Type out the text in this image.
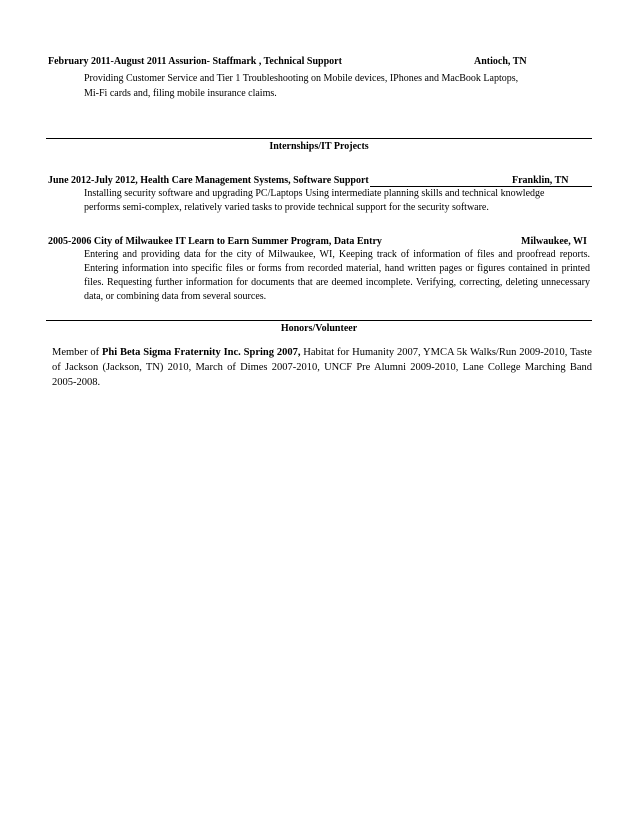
February 2011-August 2011 Assurion- Staffmark , Technical Support	Antioch, TN
Providing Customer Service and Tier 1 Troubleshooting on Mobile devices, IPhones and MacBook Laptops,
Mi-Fi cards and, filing mobile insurance claims.
Internships/IT Projects
June 2012-July 2012, Health Care Management Systems, Software Support	Franklin, TN
Installing security software and upgrading PC/Laptops Using intermediate planning skills and technical knowledge
performs semi-complex, relatively varied tasks to provide technical support for the security software.
2005-2006 City of Milwaukee IT Learn to Earn Summer Program, Data Entry	Milwaukee, WI
Entering and providing data for the city of Milwaukee, WI, Keeping track of information of files and proofread reports. Entering information into specific files or forms from recorded material, hand written pages or figures contained in printed files. Requesting further information for documents that are deemed incomplete. Verifying, correcting, deleting unnecessary data, or combining data from several sources.
Honors/Volunteer
Member of Phi Beta Sigma Fraternity Inc. Spring 2007, Habitat for Humanity 2007, YMCA 5k Walks/Run 2009-2010, Taste of Jackson (Jackson, TN) 2010, March of Dimes 2007-2010, UNCF Pre Alumni 2009-2010, Lane College Marching Band 2005-2008.
